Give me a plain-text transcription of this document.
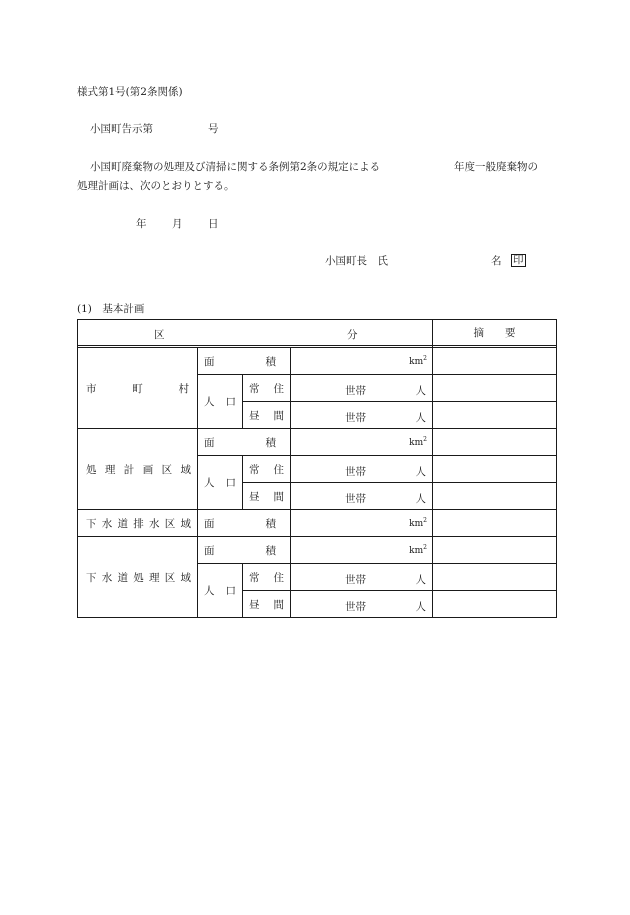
様式第1号(第2条関係)
小国町告示第	号
小国町廃棄物の処理及び清掃に関する条例第2条の規定による	年度一般廃棄物の
処理計画は、次のとおりとする。
年 月 日
小国町長　氏	名 印
(1)　基本計画
区 分				摘　　要

市町村	面積		$km^2$	
	人口	常住	世帯 人	

		昼間	世帯 人	

処理計画区域	面積		$km^2$	
	人口	常住	世帯 人	

		昼間	世帯 人	

下水道排水区域	面積		$km^2$	
下水道処理区域	面積		$km^2$	
	人口	常住	世帯 人	

		昼間	世帯 人	
